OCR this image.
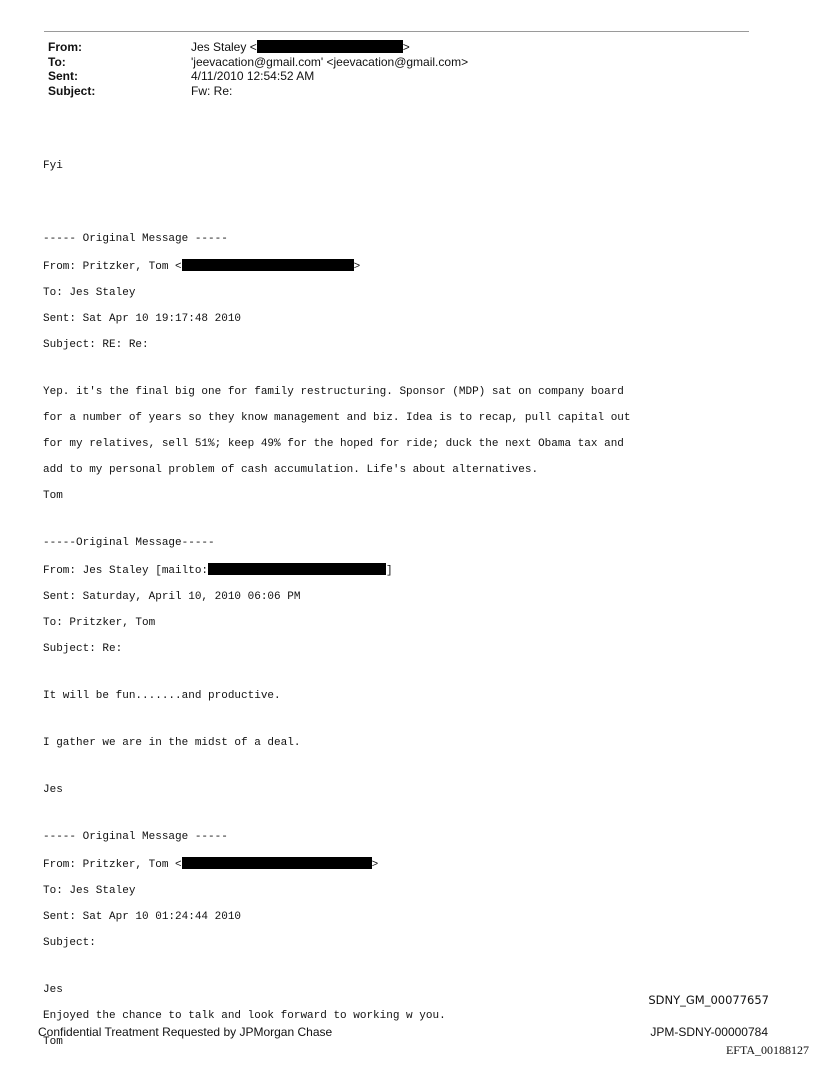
From:	Jes Staley <	>
To:	'jeevacation@gmail.com' <jeevacation@gmail.com>
Sent:	4/11/2010 12:54:52 AM
Subject:	Fw: Re:

Fyi

----- Original Message -----

From: Pritzker, Tom <	>

To: Jes Staley

Sent: Sat Apr 10 19:17:48 2010

Subject: RE: Re:

Yep. it's the final big one for family restructuring. Sponsor (MDP) sat on company board

for a number of years so they know management and biz. Idea is to recap, pull capital out

for my relatives, sell 51%; keep 49% for the hoped for ride; duck the next Obama tax and

add to my personal problem of cash accumulation. Life's about alternatives.

Tom

-----Original Message-----

From: Jes Staley [mailto:	]

Sent: Saturday, April 10, 2010 06:06 PM

To: Pritzker, Tom

Subject: Re:

It will be fun.......and productive.

I gather we are in the midst of a deal.

Jes

----- Original Message -----

From: Pritzker, Tom <	>

To: Jes Staley

Sent: Sat Apr 10 01:24:44 2010

Subject:

Jes

Enjoyed the chance to talk and look forward to working w you.

Tom

SDNY_GM_00077657
Confidential Treatment Requested by JPMorgan Chase	JPM-SDNY-00000784
EFTA_00188127
